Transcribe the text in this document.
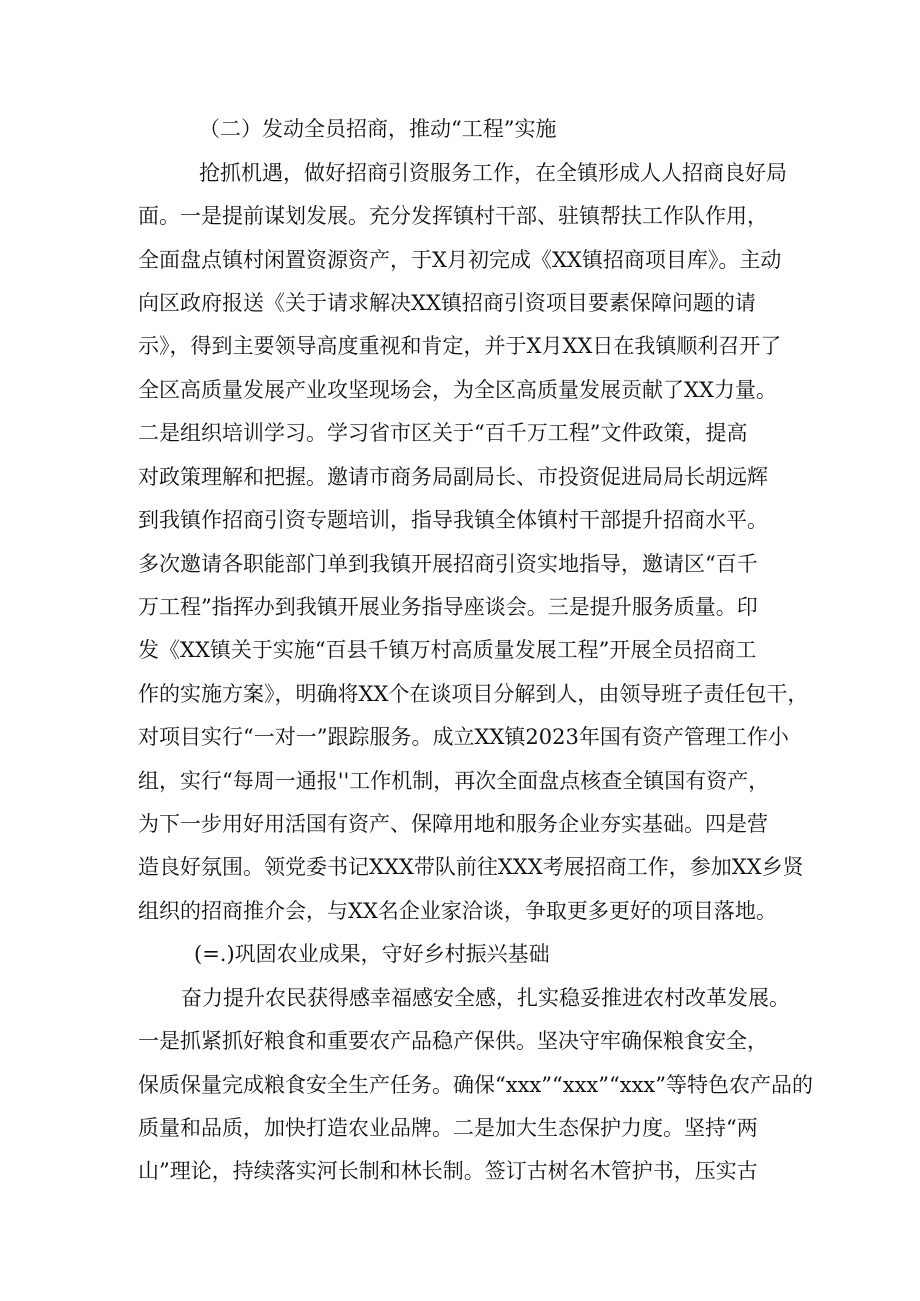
（二）发动全员招商，推动“工程”实施
抢抓机遇，做好招商引资服务工作，在全镇形成人人招商良好局
面。一是提前谋划发展。充分发挥镇村干部、驻镇帮扶工作队作用，
全面盘点镇村闲置资源资产，于X月初完成《XX镇招商项目库》。主动
向区政府报送《关于请求解决XX镇招商引资项目要素保障问题的请
示》，得到主要领导高度重视和肯定，并于X月XX日在我镇顺利召开了
全区高质量发展产业攻坚现场会，为全区高质量发展贡献了XX力量。
二是组织培训学习。学习省市区关于“百千万工程”文件政策，提高
对政策理解和把握。邀请市商务局副局长、市投资促进局局长胡远辉
到我镇作招商引资专题培训，指导我镇全体镇村干部提升招商水平。
多次邀请各职能部门单到我镇开展招商引资实地指导，邀请区“百千
万工程”指挥办到我镇开展业务指导座谈会。三是提升服务质量。印
发《XX镇关于实施“百县千镇万村高质量发展工程”开展全员招商工
作的实施方案》，明确将XX个在谈项目分解到人，由领导班子责任包干，
对项目实行“一对一”跟踪服务。成立XX镇2023年国有资产管理工作小
组，实行“每周一通报''工作机制，再次全面盘点核查全镇国有资产，
为下一步用好用活国有资产、保障用地和服务企业夯实基础。四是营
造良好氛围。领党委书记XXX带队前往XXX考展招商工作，参加XX乡贤
组织的招商推介会，与XX名企业家洽谈，争取更多更好的项目落地。
(=.)巩固农业成果，守好乡村振兴基础
奋力提升农民获得感幸福感安全感，扎实稳妥推进农村改革发展。
一是抓紧抓好粮食和重要农产品稳产保供。坚决守牢确保粮食安全，
保质保量完成粮食安全生产任务。确保“xxx”“xxx”“xxx”等特色农产品的
质量和品质，加快打造农业品牌。二是加大生态保护力度。坚持“两
山”理论，持续落实河长制和林长制。签订古树名木管护书，压实古
